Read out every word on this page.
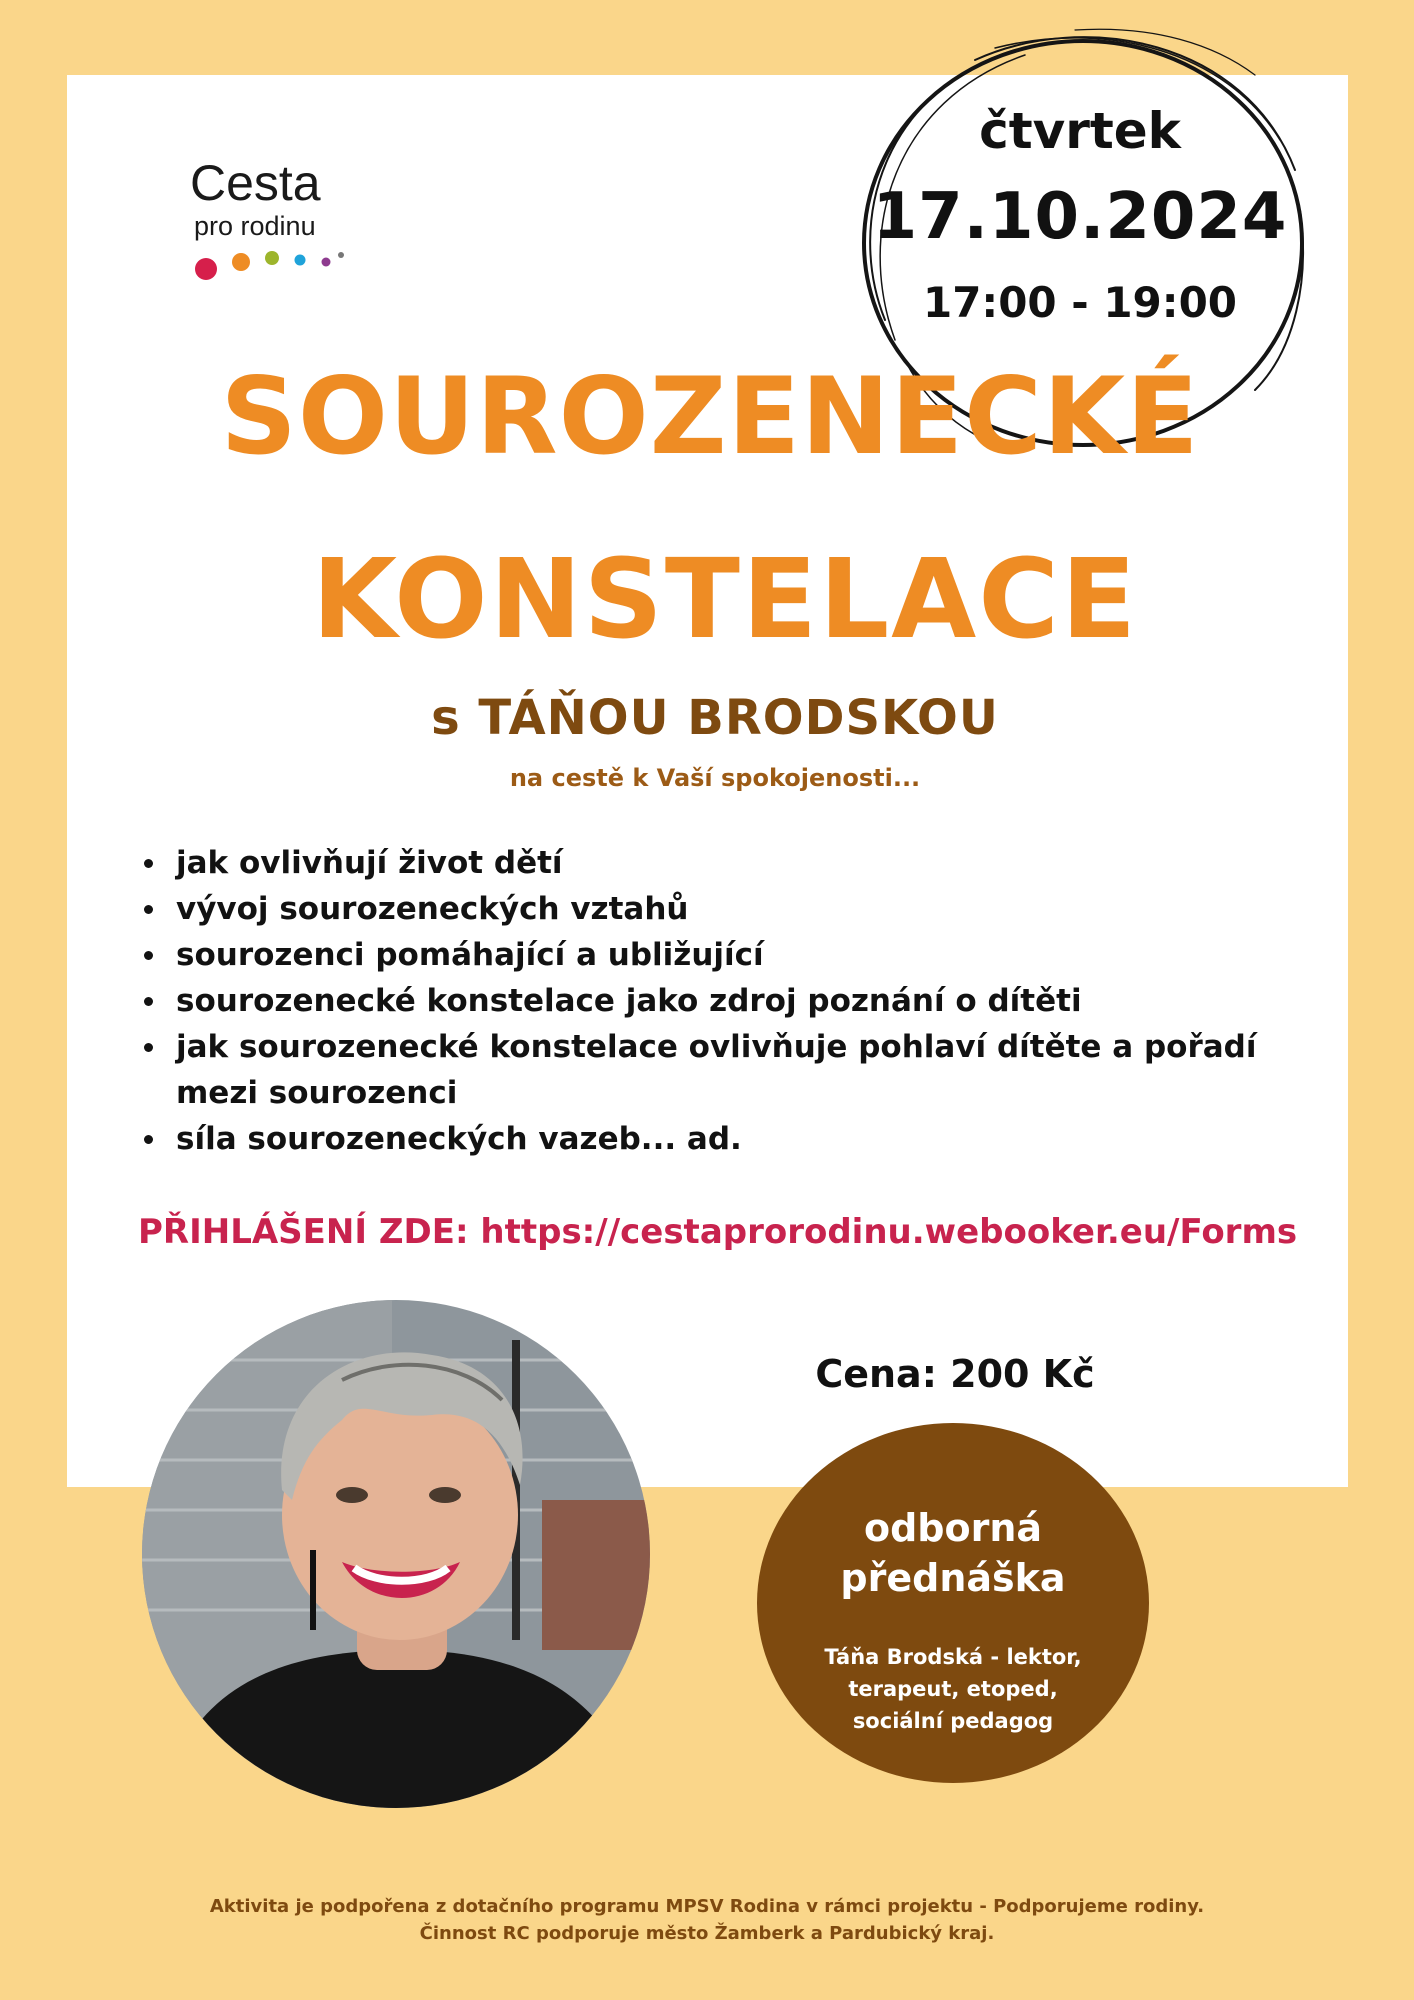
Cesta
pro rodinu
čtvrtek
17.10.2024
17:00 - 19:00
SOUROZENECKÉ
KONSTELACE
s TÁŇOU BRODSKOU
na cestě k Vaší spokojenosti...
jak ovlivňují život dětí
vývoj sourozeneckých vztahů
sourozenci pomáhající a ubližující
sourozenecké konstelace jako zdroj poznání o dítěti
jak sourozenecké konstelace ovlivňuje pohlaví dítěte a pořadí mezi sourozenci
síla sourozeneckých vazeb... ad.
PŘIHLÁŠENÍ ZDE: https://cestaprorodinu.webooker.eu/Forms
Cena: 200 Kč
odborná
přednáška
Táňa Brodská - lektor,
terapeut, etoped,
sociální pedagog
Aktivita je podpořena z dotačního programu MPSV Rodina v rámci projektu - Podporujeme rodiny.
Činnost RC podporuje město Žamberk a Pardubický kraj.
